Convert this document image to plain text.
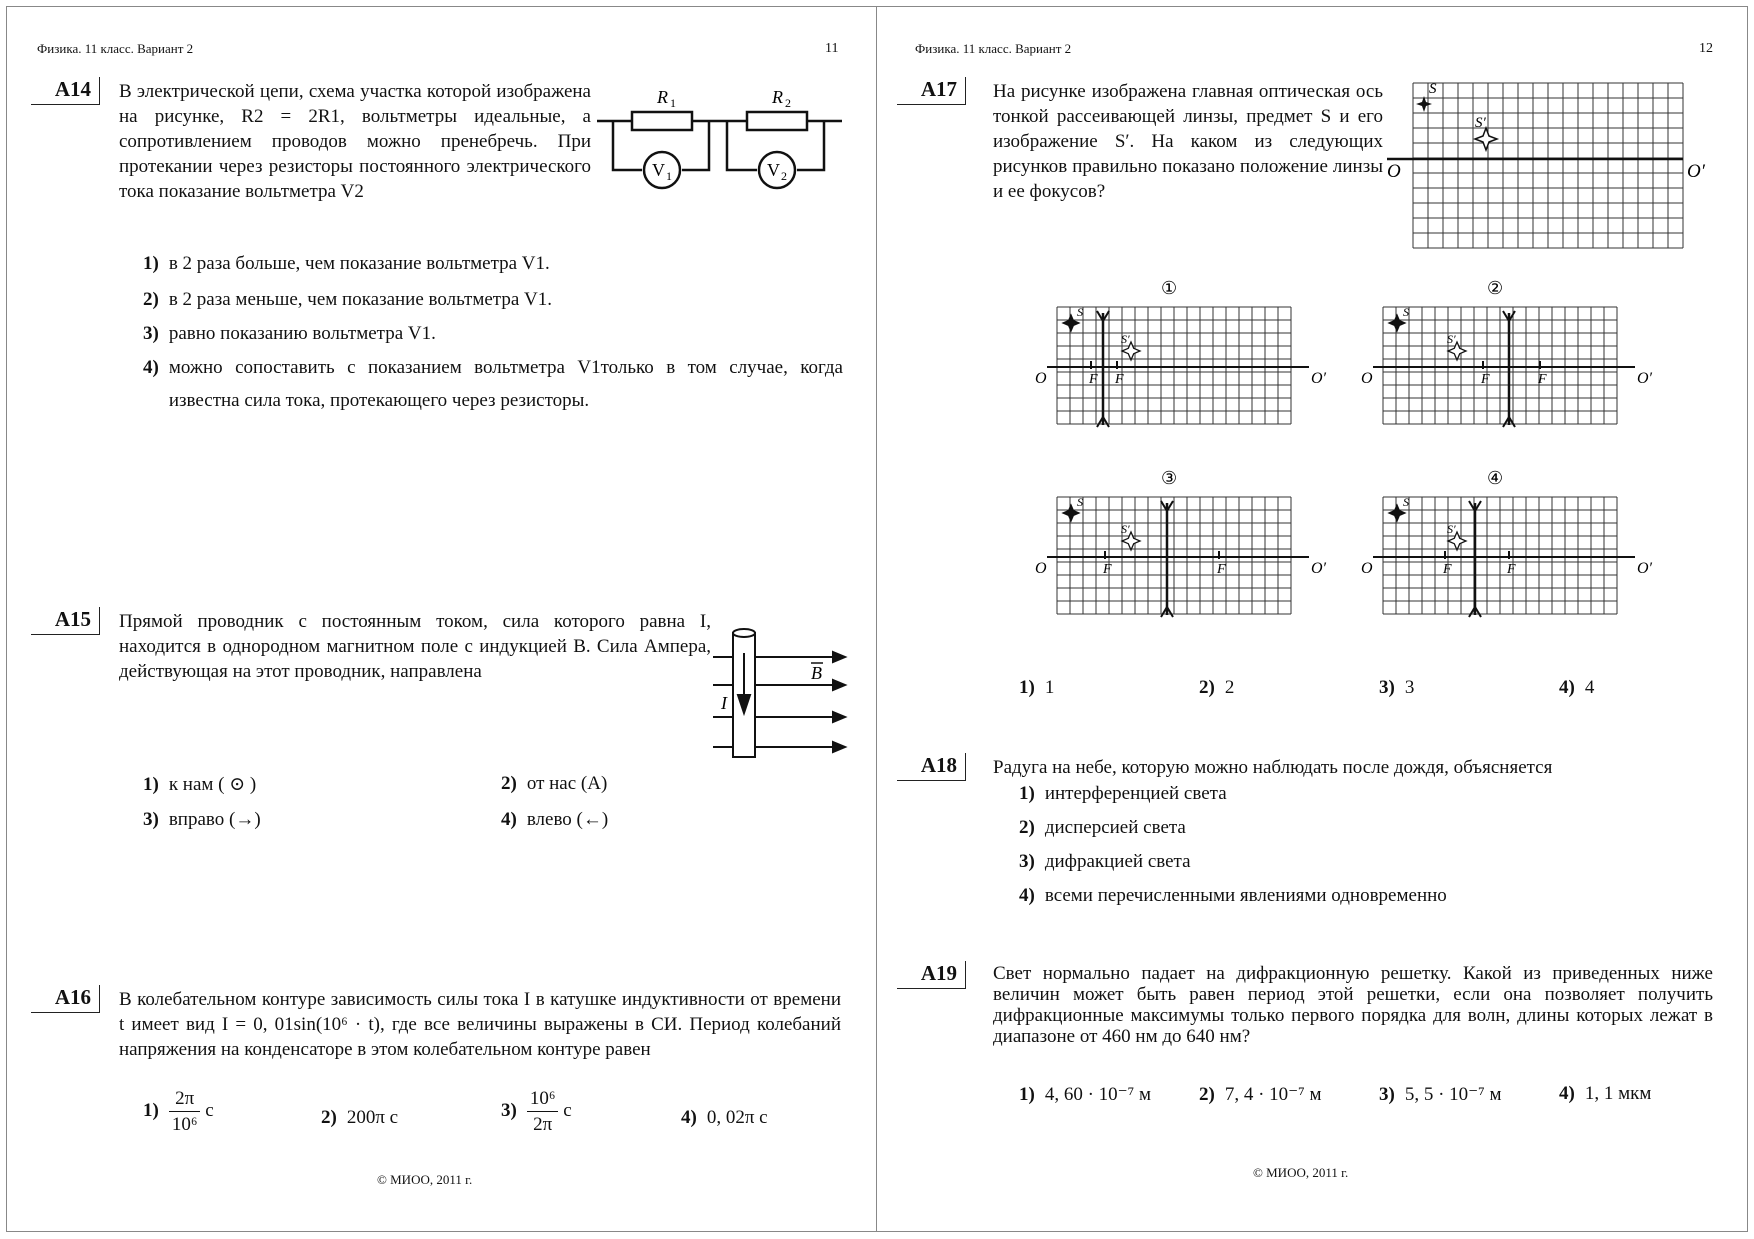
Физика. 11 класс. Вариант 2	11
А14	В электрической цепи, схема участка которой изображена на рисунке, R2 = 2R1, вольтметры идеальные, а сопротивлением проводов можно пренебречь. При протекании через резисторы постоянного электрического тока показание вольтметра V2
R 1	R 2
V 1	V 2
1) в 2 раза больше, чем показание вольтметра V1.
2) в 2 раза меньше, чем показание вольтметра V1.
3) равно показанию вольтметра V1.
4) можно сопоставить с показанием вольтметра V1только в том случае, когда известна сила тока, протекающего через резисторы.
А15	Прямой проводник с постоянным током, сила которого равна I, находится в однородном магнитном поле с индукцией B. Сила Ампера, действующая на этот проводник, направлена	B
I
1) к нам ( ⊙ )	2) от нас (А)
3) вправо (→)	4) влево (←)
А16	В колебательном контуре зависимость силы тока I в катушке индуктивности от времени t имеет вид I = 0, 01sin(10⁶ · t), где все величины выражены в СИ. Период колебаний напряжения на конденсаторе в этом колебательном контуре равен
$1) \frac{2\pi}{\text{10⁶}}$ с	2) 200π с	$3) \frac{\text{10⁶}}{2\pi}$ с	4) 0, 02π с
© МИОО, 2011 г.
Физика. 11 класс. Вариант 2	12
А17	На рисунке изображена главная оптическая ось тонкой рассеивающей линзы, предмет S и его изображение S′. На каком из следующих рисунков правильно показано положение линзы и ее фокусов?
O	O′
S
S′
F F
O	O′
S
S′
F	F
O	O′
S
S′
F	F
O	O′
S
S′
F	F
O	O′
S
S′
①	②
③	④
1) 1	2) 2	3) 3	4) 4
А18	Радуга на небе, которую можно наблюдать после дождя, объясняется
1) интерференцией света
2) дисперсией света
3) дифракцией света
4) всеми перечисленными явлениями одновременно
А19	Свет нормально падает на дифракционную решетку. Какой из приведенных ниже величин может быть равен период этой решетки, если она позволяет получить дифракционные максимумы только первого порядка для волн, длины которых лежат в диапазоне от 460 нм до 640 нм?
1) 4, 60 · 10⁻⁷ м	2) 7, 4 · 10⁻⁷ м	3) 5, 5 · 10⁻⁷ м	4) 1, 1 мкм
© МИОО, 2011 г.
